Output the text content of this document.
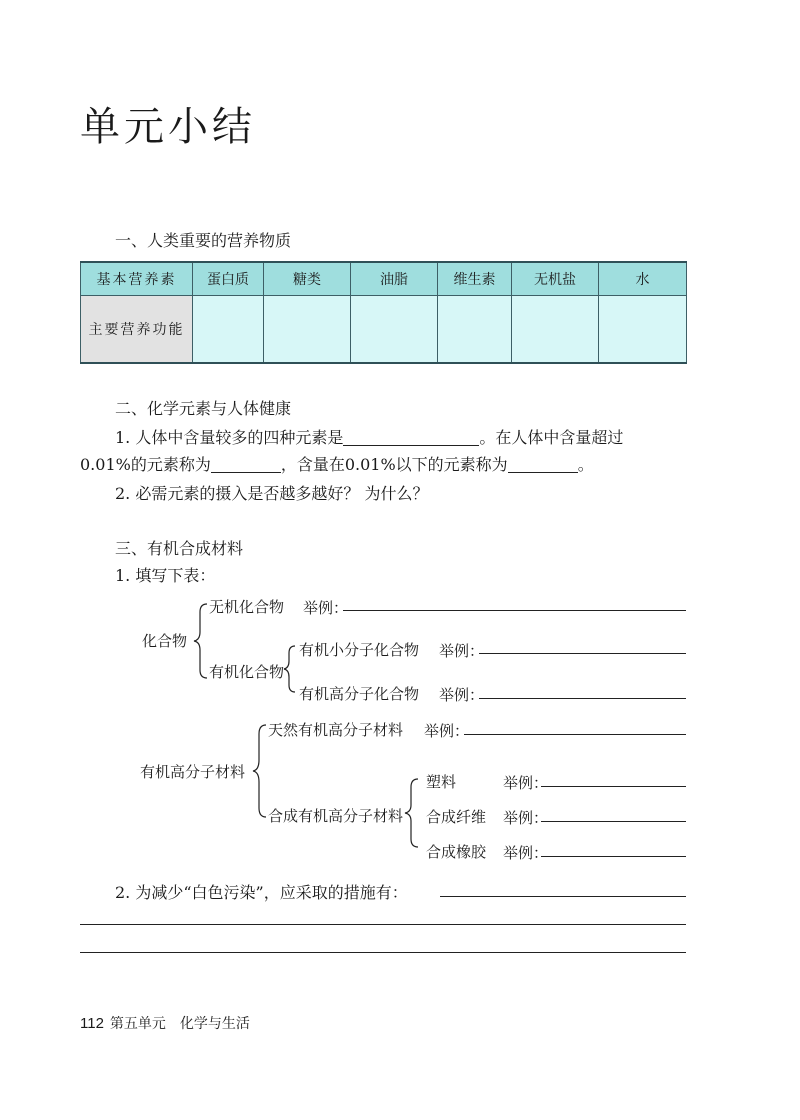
单元小结
一、人类重要的营养物质
基本营养素	蛋白质	糖类	油脂	维生素	无机盐	水
主要营养功能						
二、化学元素与人体健康
1. 人体中含量较多的四种元素是	。在人体中含量超过
0.01%的元素称为	，含量在0.01%以下的元素称为	。
2. 必需元素的摄入是否越多越好？ 为什么？
三、有机合成材料
1. 填写下表：
化合物
无机化合物 举例：
有机化合物
有机小分子化合物 举例：
有机高分子化合物 举例：
有机高分子材料
天然有机高分子材料 举例：
合成有机高分子材料
塑料	举例：
合成纤维 举例：
合成橡胶 举例：
2. 为减少“白色污染”，应采取的措施有：
112 第五单元　化学与生活
